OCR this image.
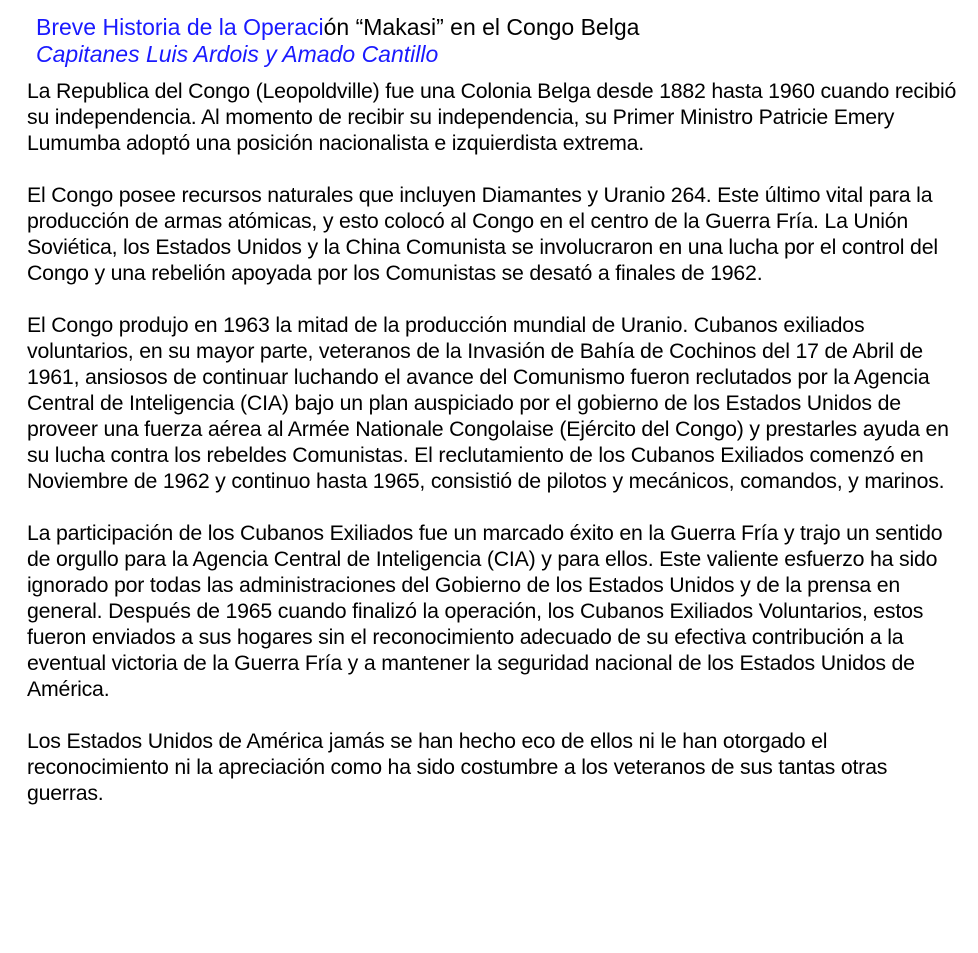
Breve Historia de la Operación “Makasi” en el Congo Belga
Capitanes Luis Ardois y Amado Cantillo

La Republica del Congo (Leopoldville) fue una Colonia Belga desde 1882 hasta 1960 cuando recibió su independencia. Al momento de recibir su independencia, su Primer Ministro Patricie Emery Lumumba adoptó una posición nacionalista e izquierdista extrema.

El Congo posee recursos naturales que incluyen Diamantes y Uranio 264. Este último vital para la producción de armas atómicas, y esto colocó al Congo en el centro de la Guerra Fría. La Unión Soviética, los Estados Unidos y la China Comunista se involucraron en una lucha por el control del Congo y una rebelión apoyada por los Comunistas se desató a finales de 1962.

El Congo produjo en 1963 la mitad de la producción mundial de Uranio. Cubanos exiliados voluntarios, en su mayor parte, veteranos de la Invasión de Bahía de Cochinos del 17 de Abril de 1961, ansiosos de continuar luchando el avance del Comunismo fueron reclutados por la Agencia Central de Inteligencia (CIA) bajo un plan auspiciado por el gobierno de los Estados Unidos de proveer una fuerza aérea al Armée Nationale Congolaise (Ejército del Congo) y prestarles ayuda en su lucha contra los rebeldes Comunistas. El reclutamiento de los Cubanos Exiliados comenzó en Noviembre de 1962 y continuo hasta 1965, consistió de pilotos y mecánicos, comandos, y marinos.

La participación de los Cubanos Exiliados fue un marcado éxito en la Guerra Fría y trajo un sentido de orgullo para la Agencia Central de Inteligencia (CIA) y para ellos. Este valiente esfuerzo ha sido ignorado por todas las administraciones del Gobierno de los Estados Unidos y de la prensa en general. Después de 1965 cuando finalizó la operación, los Cubanos Exiliados Voluntarios, estos fueron enviados a sus hogares sin el reconocimiento adecuado de su efectiva contribución a la eventual victoria de la Guerra Fría y a mantener la seguridad nacional de los Estados Unidos de América.

Los Estados Unidos de América jamás se han hecho eco de ellos ni le han otorgado el reconocimiento ni la apreciación como ha sido costumbre a los veteranos de sus tantas otras guerras.
